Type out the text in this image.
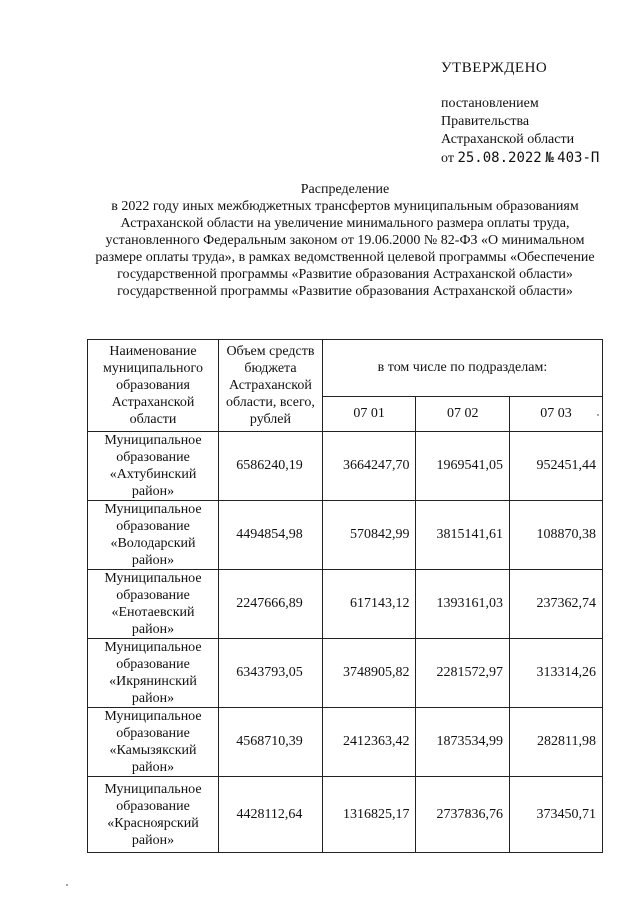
УТВЕРЖДЕНО
постановлением
Правительства
Астраханской области
от 25.08.2022 № 403-П
Распределение
в 2022 году иных межбюджетных трансфертов муниципальным образованиям Астраханской области на увеличение минимального размера оплаты труда, установленного Федеральным законом от 19.06.2000 № 82-ФЗ «О минимальном размере оплаты труда», в рамках ведомственной целевой программы «Обеспечение государственной программы «Развитие образования Астраханской области» государственной программы «Развитие образования Астраханской области»
Наименование муниципального образования Астраханской области	Объем средств бюджета Астраханской области, всего, рублей	в том числе по подразделам:		
		07 01	07 02	07 03
Муниципальное образование «Ахтубинский район»	6586240,19	3664247,70	1969541,05	952451,44
Муниципальное образование «Володарский район»	4494854,98	570842,99	3815141,61	108870,38
Муниципальное образование «Енотаевский район»	2247666,89	617143,12	1393161,03	237362,74
Муниципальное образование «Икрянинский район»	6343793,05	3748905,82	2281572,97	313314,26
Муниципальное образование «Камызякский район»	4568710,39	2412363,42	1873534,99	282811,98
Муниципальное образование «Красноярский район»	4428112,64	1316825,17	2737836,76	373450,71
